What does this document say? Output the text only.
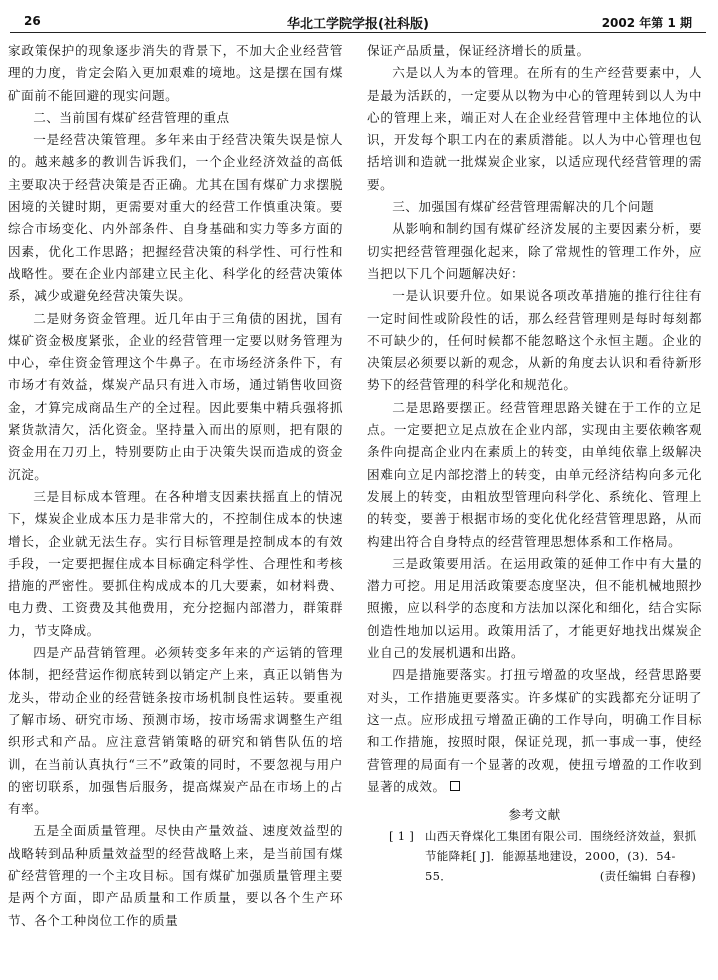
26	华北工学院学报(社科版)	2002 年第 1 期

家政策保护的现象逐步消失的背景下，不加大企业经营管理的力度，肯定会陷入更加艰难的境地。这是摆在国有煤矿面前不能回避的现实问题。

二、当前国有煤矿经营管理的重点

一是经营决策管理。多年来由于经营决策失误是惊人的。越来越多的教训告诉我们，一个企业经济效益的高低主要取决于经营决策是否正确。尤其在国有煤矿力求摆脱困境的关键时期，更需要对重大的经营工作慎重决策。要综合市场变化、内外部条件、自身基础和实力等多方面的因素，优化工作思路；把握经营决策的科学性、可行性和战略性。要在企业内部建立民主化、科学化的经营决策体系，减少或避免经营决策失误。

二是财务资金管理。近几年由于三角债的困扰，国有煤矿资金极度紧张，企业的经营管理一定要以财务管理为中心，牵住资金管理这个牛鼻子。在市场经济条件下，有市场才有效益，煤炭产品只有进入市场，通过销售收回资金，才算完成商品生产的全过程。因此要集中精兵强将抓紧货款清欠，活化资金。坚持量入而出的原则，把有限的资金用在刀刃上，特别要防止由于决策失误而造成的资金沉淀。

三是目标成本管理。在各种增支因素扶摇直上的情况下，煤炭企业成本压力是非常大的，不控制住成本的快速增长，企业就无法生存。实行目标管理是控制成本的有效手段，一定要把握住成本目标确定科学性、合理性和考核措施的严密性。要抓住构成成本的几大要素，如材料费、电力费、工资费及其他费用，充分挖掘内部潜力，群策群力，节支降成。

四是产品营销管理。必须转变多年来的产运销的管理体制，把经营运作彻底转到以销定产上来，真正以销售为龙头，带动企业的经营链条按市场机制良性运转。要重视了解市场、研究市场、预测市场，按市场需求调整生产组织形式和产品。应注意营销策略的研究和销售队伍的培训，在当前认真执行“三不”政策的同时，不要忽视与用户的密切联系，加强售后服务，提高煤炭产品在市场上的占有率。

五是全面质量管理。尽快由产量效益、速度效益型的战略转到品种质量效益型的经营战略上来，是当前国有煤矿经营管理的一个主攻目标。国有煤矿加强质量管理主要是两个方面，即产品质量和工作质量，要以各个生产环节、各个工种岗位工作的质量

保证产品质量，保证经济增长的质量。

六是以人为本的管理。在所有的生产经营要素中，人是最为活跃的，一定要从以物为中心的管理转到以人为中心的管理上来，端正对人在企业经营管理中主体地位的认识，开发每个职工内在的素质潜能。以人为中心管理也包括培训和造就一批煤炭企业家，以适应现代经营管理的需要。

三、加强国有煤矿经营管理需解决的几个问题

从影响和制约国有煤矿经济发展的主要因素分析，要切实把经营管理强化起来，除了常规性的管理工作外，应当把以下几个问题解决好：

一是认识要升位。如果说各项改革措施的推行往往有一定时间性或阶段性的话，那么经营管理则是每时每刻都不可缺少的，任何时候都不能忽略这个永恒主题。企业的决策层必须要以新的观念，从新的角度去认识和看待新形势下的经营管理的科学化和规范化。

二是思路要摆正。经营管理思路关键在于工作的立足点。一定要把立足点放在企业内部，实现由主要依赖客观条件向提高企业内在素质上的转变，由单纯依靠上级解决困难向立足内部挖潜上的转变，由单元经济结构向多元化发展上的转变，由粗放型管理向科学化、系统化、管理上的转变，要善于根据市场的变化优化经营管理思路，从而构建出符合自身特点的经营管理思想体系和工作格局。

三是政策要用活。在运用政策的延伸工作中有大量的潜力可挖。用足用活政策要态度坚决，但不能机械地照抄照搬，应以科学的态度和方法加以深化和细化，结合实际创造性地加以运用。政策用活了，才能更好地找出煤炭企业自己的发展机遇和出路。

四是措施要落实。打扭亏增盈的攻坚战，经营思路要对头，工作措施更要落实。许多煤矿的实践都充分证明了这一点。应形成扭亏增盈正确的工作导向，明确工作目标和工作措施，按照时限，保证兑现，抓一事成一事，使经营管理的局面有一个显著的改观，使扭亏增盈的工作收到显著的成效。

参考文献

[ 1 ] 山西天脊煤化工集团有限公司．围绕经济效益，狠抓节能降耗[ J]．能源基地建设，2000，(3)．54-55．	(责任编辑 白春穆)
